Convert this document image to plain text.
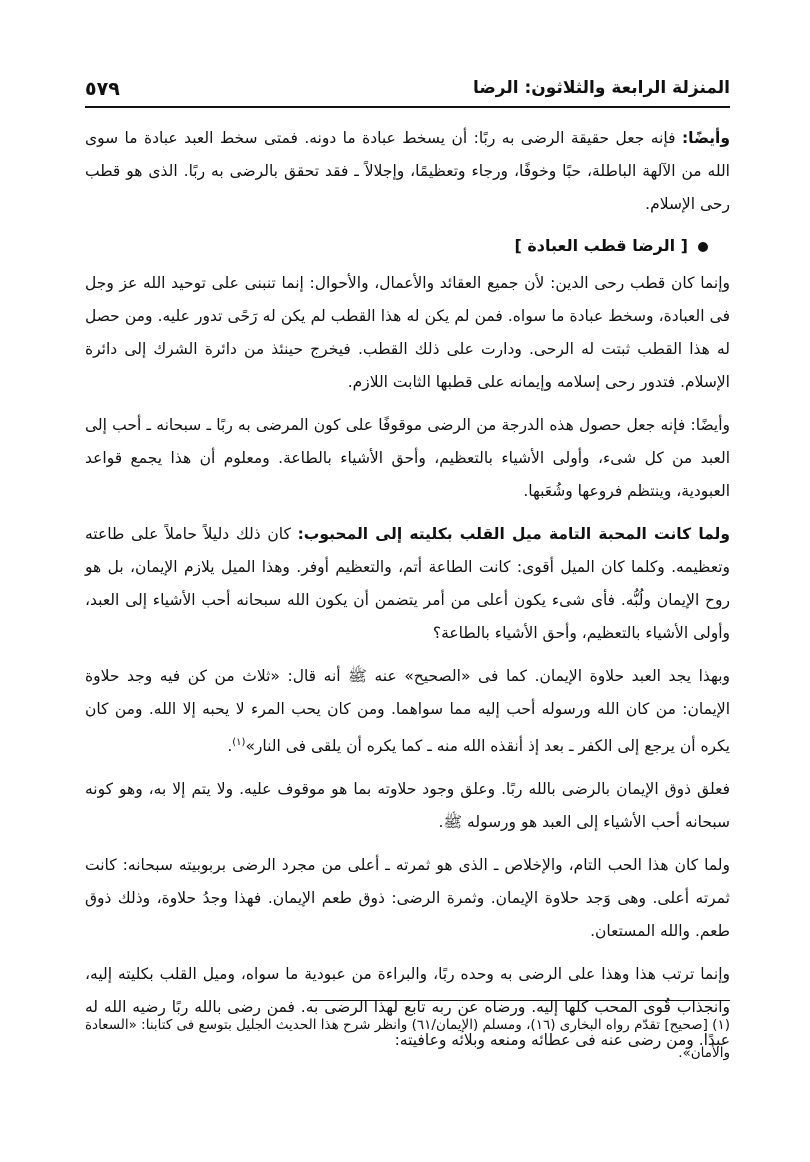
٥٧٩	المنزلة الرابعة والثلاثون: الرضا

وأيضًا: فإنه جعل حقيقة الرضى به ربًا: أن يسخط عبادة ما دونه. فمتى سخط العبد عبادة ما سوى الله من الآلهة الباطلة، حبًا وخوفًا، ورجاء وتعظيمًا، وإجلالاً ـ فقد تحقق بالرضى به ربًا. الذى هو قطب رحى الإسلام.

[ الرضا قطب العبادة ]

وإنما كان قطب رحى الدين: لأن جميع العقائد والأعمال، والأحوال: إنما تنبنى على توحيد الله عز وجل فى العبادة، وسخط عبادة ما سواه. فمن لم يكن له هذا القطب لم يكن له رَحًى تدور عليه. ومن حصل له هذا القطب ثبتت له الرحى. ودارت على ذلك القطب. فيخرج حينئذ من دائرة الشرك إلى دائرة الإسلام. فتدور رحى إسلامه وإيمانه على قطبها الثابت اللازم.

وأيضًا: فإنه جعل حصول هذه الدرجة من الرضى موقوفًا على كون المرضى به ربًا ـ سبحانه ـ أحب إلى العبد من كل شىء، وأولى الأشياء بالتعظيم، وأحق الأشياء بالطاعة. ومعلوم أن هذا يجمع قواعد العبودية، وينتظم فروعها وشُعَبها.

ولما كانت المحبة التامة ميل القلب بكليته إلى المحبوب: كان ذلك دليلاً حاملاً على طاعته وتعظيمه. وكلما كان الميل أقوى: كانت الطاعة أتم، والتعظيم أوفر. وهذا الميل يلازم الإيمان، بل هو روح الإيمان ولُبُّه. فأى شىء يكون أعلى من أمر يتضمن أن يكون الله سبحانه أحب الأشياء إلى العبد، وأولى الأشياء بالتعظيم، وأحق الأشياء بالطاعة؟

وبهذا يجد العبد حلاوة الإيمان. كما فى «الصحيح» عنه ﷺ أنه قال: «ثلاث من كن فيه وجد حلاوة الإيمان: من كان الله ورسوله أحب إليه مما سواهما. ومن كان يحب المرء لا يحبه إلا الله. ومن كان يكره أن يرجع إلى الكفر ـ بعد إذ أنقذه الله منه ـ كما يكره أن يلقى فى النار»$^{(١)}$.

فعلق ذوق الإيمان بالرضى بالله ربًا. وعلق وجود حلاوته بما هو موقوف عليه. ولا يتم إلا به، وهو كونه سبحانه أحب الأشياء إلى العبد هو ورسوله ﷺ.

ولما كان هذا الحب التام، والإخلاص ـ الذى هو ثمرته ـ أعلى من مجرد الرضى بربوبيته سبحانه: كانت ثمرته أعلى. وهى وَجد حلاوة الإيمان. وثمرة الرضى: ذوق طعم الإيمان. فهذا وجدُ حلاوة، وذلك ذوق طعم. والله المستعان.

وإنما ترتب هذا وهذا على الرضى به وحده ربًا، والبراءة من عبودية ما سواه، وميل القلب بكليته إليه، وانجذاب قُوى المحب كلها إليه. ورضاه عن ربه تابع لهذا الرضى به. فمن رضى بالله ربًا رضيه الله له عبدًا. ومن رضى عنه فى عطائه ومنعه وبلائه وعافيته:

(١) [صحيح] تقدّم رواه البخارى (١٦)، ومسلم (الإيمان/٦١) وانظر شرح هذا الحديث الجليل بتوسع فى كتابنا: «السعادة والأمان».
